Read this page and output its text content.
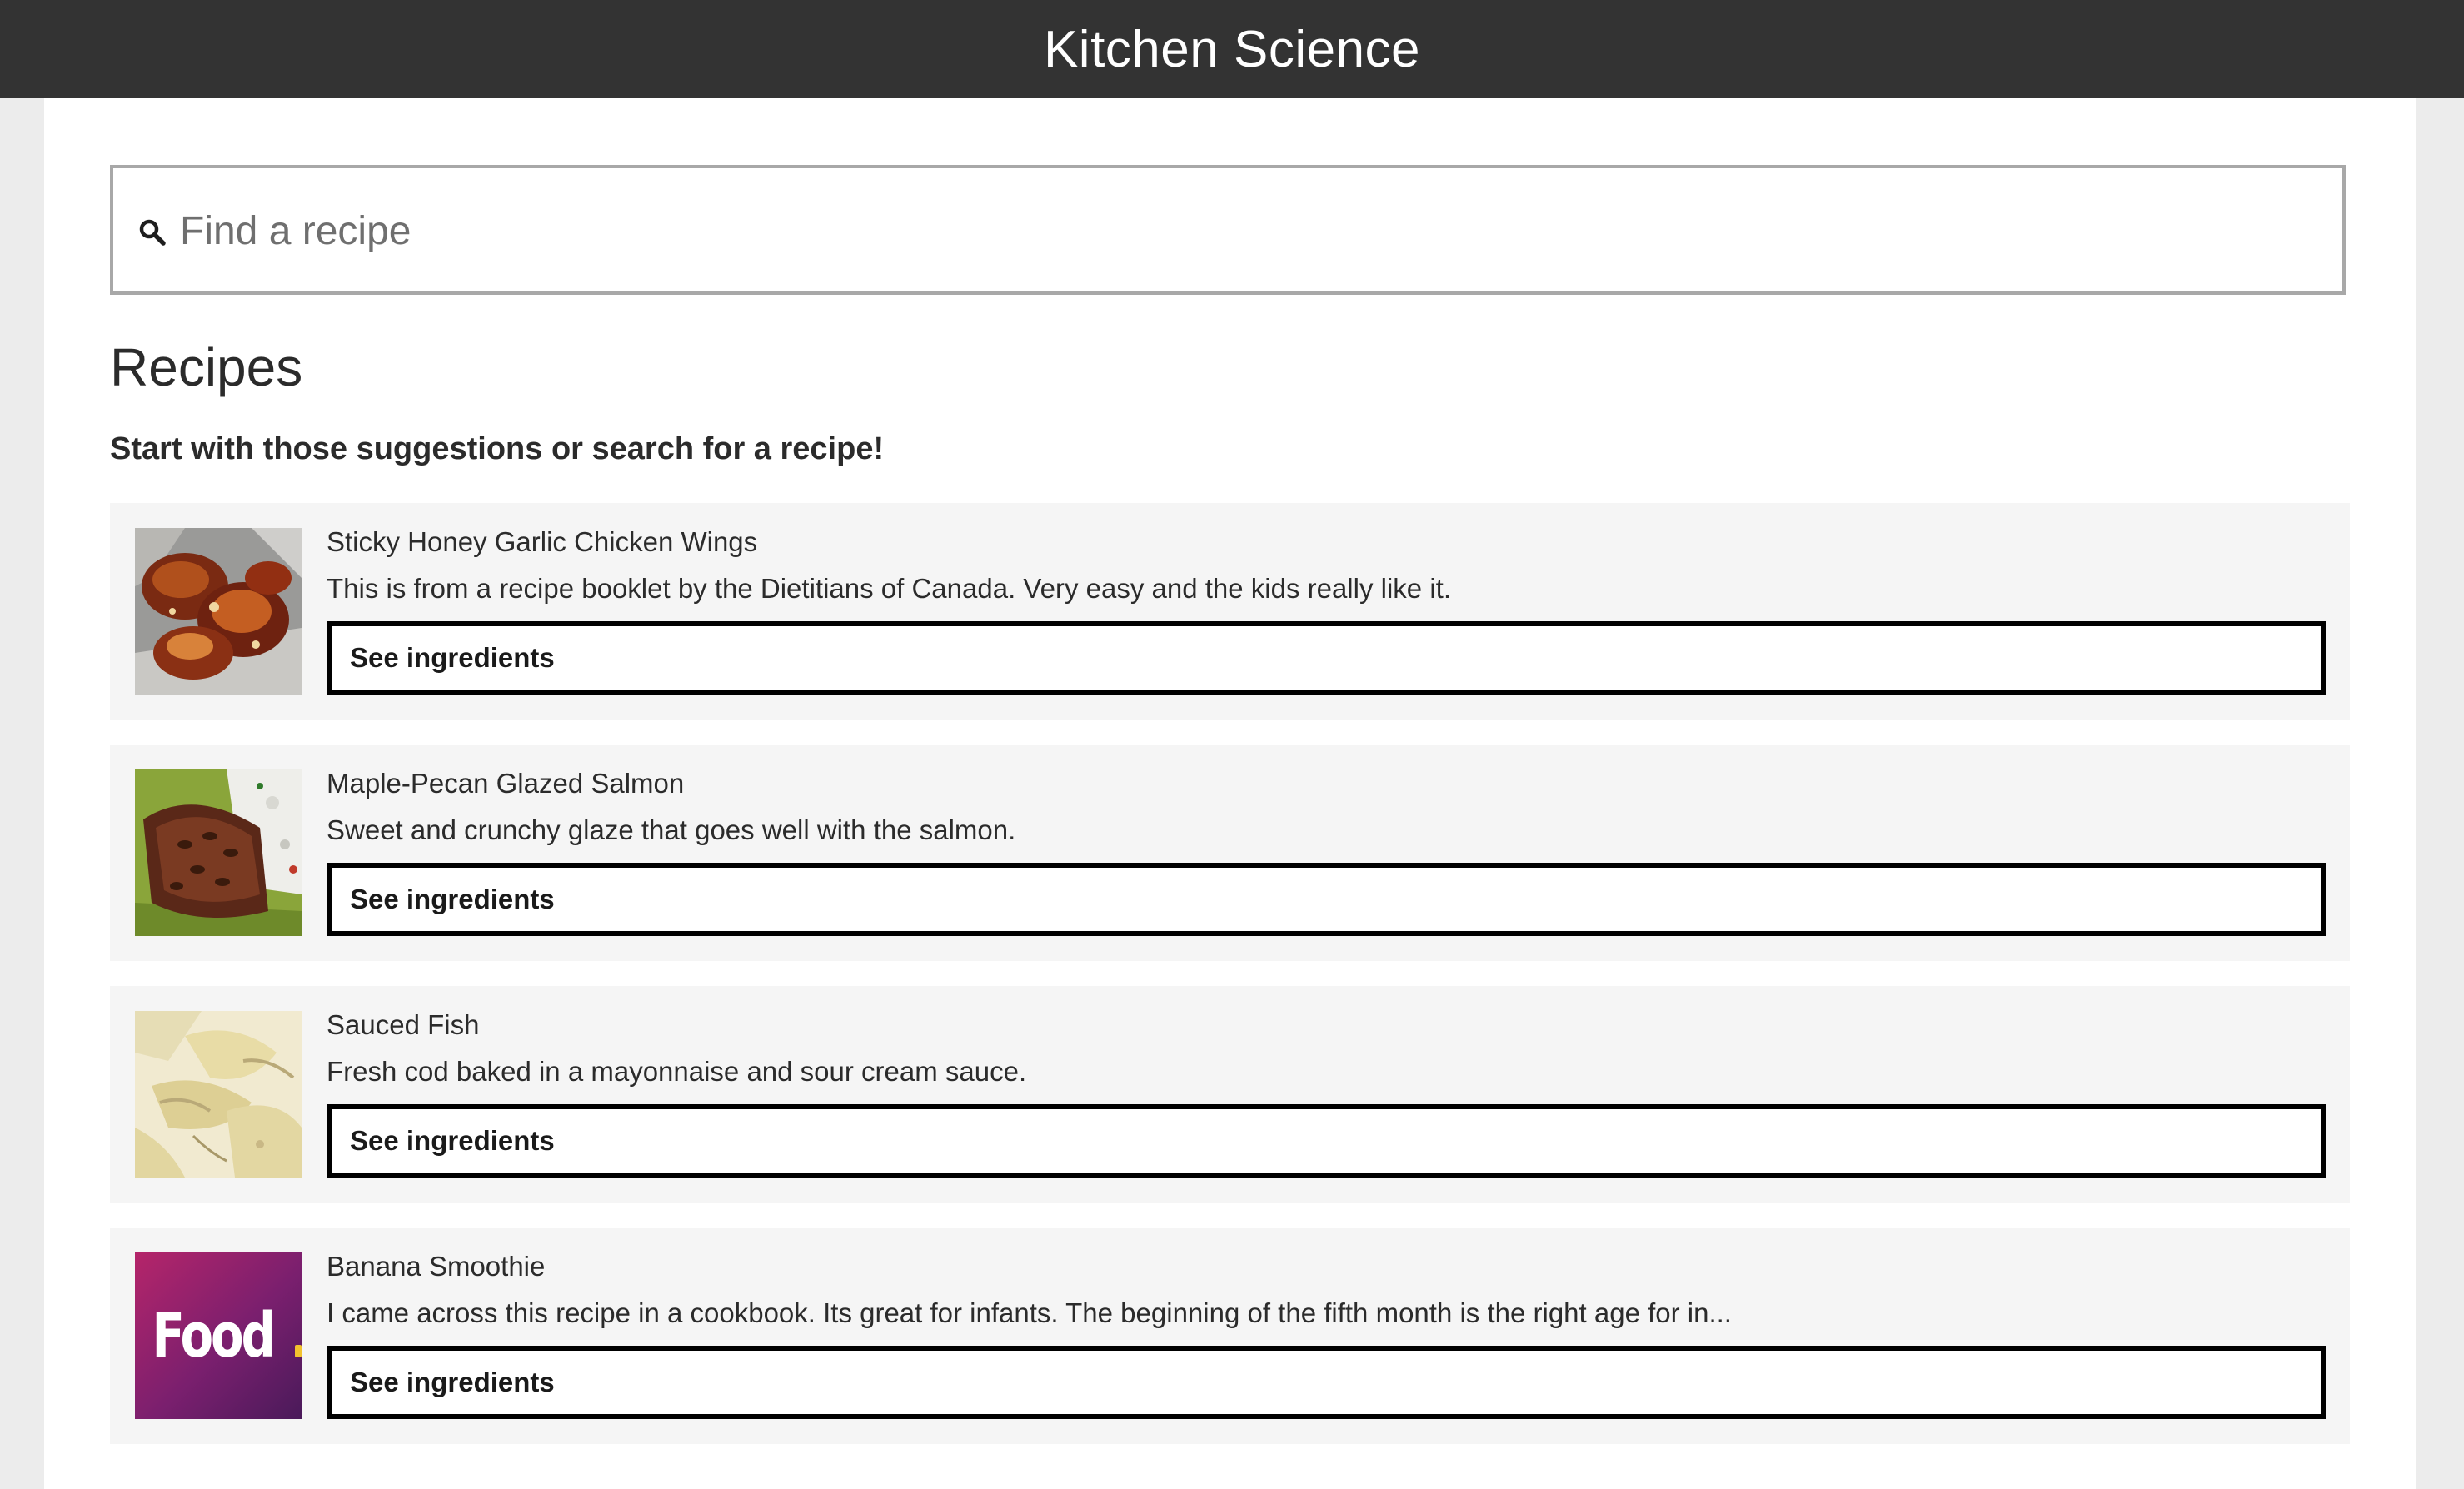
Kitchen Science
Find a recipe
Recipes

Start with those suggestions or search for a recipe!

Sticky Honey Garlic Chicken Wings

This is from a recipe booklet by the Dietitians of Canada. Very easy and the kids really like it.

See ingredients
Maple-Pecan Glazed Salmon

Sweet and crunchy glaze that goes well with the salmon.

See ingredients
Sauced Fish

Fresh cod baked in a mayonnaise and sour cream sauce.

See ingredients
Food
Banana Smoothie

I came across this recipe in a cookbook. Its great for infants. The beginning of the fifth month is the right age for in...

See ingredients
